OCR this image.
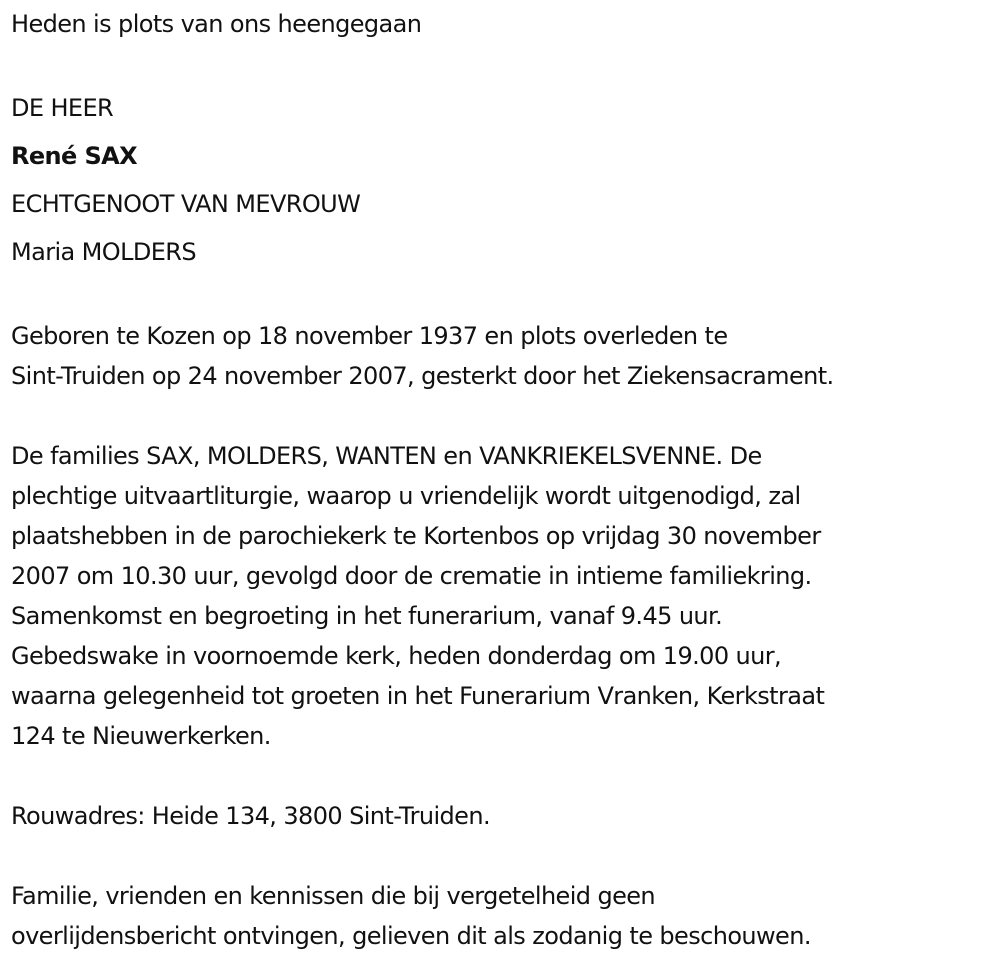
Heden is plots van ons heengegaan
DE HEER
René SAX
ECHTGENOOT VAN MEVROUW
Maria MOLDERS
Geboren te Kozen op 18 november 1937 en plots overleden te
Sint-Truiden op 24 november 2007, gesterkt door het Ziekensacrament.
De families SAX, MOLDERS, WANTEN en VANKRIEKELSVENNE. De
plechtige uitvaartliturgie, waarop u vriendelijk wordt uitgenodigd, zal
plaatshebben in de parochiekerk te Kortenbos op vrijdag 30 november
2007 om 10.30 uur, gevolgd door de crematie in intieme familiekring.
Samenkomst en begroeting in het funerarium, vanaf 9.45 uur.
Gebedswake in voornoemde kerk, heden donderdag om 19.00 uur,
waarna gelegenheid tot groeten in het Funerarium Vranken, Kerkstraat
124 te Nieuwerkerken.
Rouwadres: Heide 134, 3800 Sint-Truiden.
Familie, vrienden en kennissen die bij vergetelheid geen
overlijdensbericht ontvingen, gelieven dit als zodanig te beschouwen.
